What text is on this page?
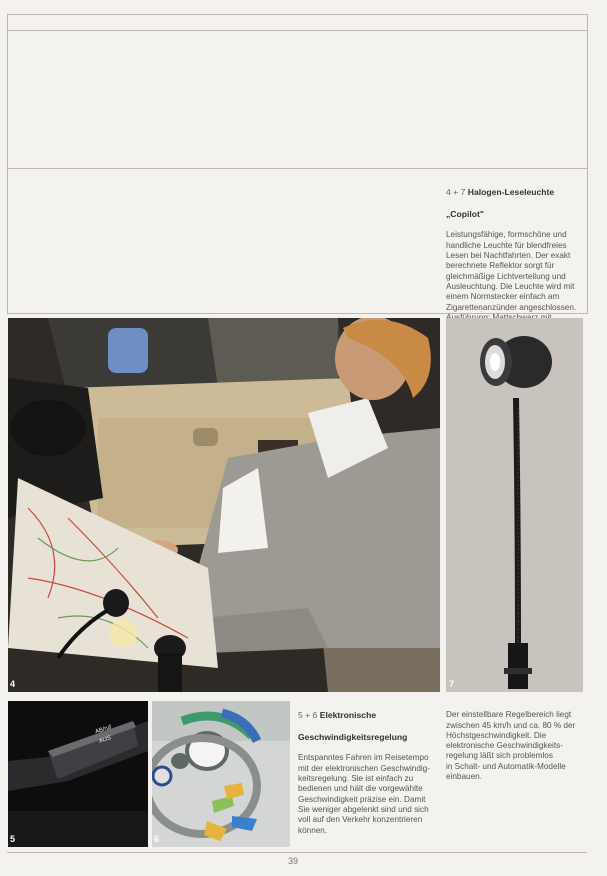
4 + 7 Halogen-Leseleuchte

„Copilot"

Leistungsfähige, formschöne und
handliche Leuchte für blendfreies
Lesen bei Nachtfahrten. Der exakt
berechnete Reflektor sorgt für
gleichmäßige Lichtverteilung und
Ausleuchtung. Die Leuchte wird mit
einem Normstecker einfach am
Zigarettenanzünder angeschlossen.

4	7
AB/ruf
AUS
5	6

5 + 6 Elektronische

Geschwindigkeitsregelung

Entspanntes Fahren im Reisetempo
mit der elektronischen Geschwindig-
keitsregelung. Sie ist einfach zu
bedienen und hält die vorgewählte
Geschwindigkeit präzise ein. Damit
Sie weniger abgelenkt sind und sich
voll auf den Verkehr konzentrieren
können.

Der einstellbare Regelbereich liegt
zwischen 45 km/h und ca. 80 % der
Höchstgeschwindigkeit. Die
elektronische Geschwindigkeits-
regelung läßt sich problemlos
in Schalt- und Automatik-Modelle
einbauen.

39
